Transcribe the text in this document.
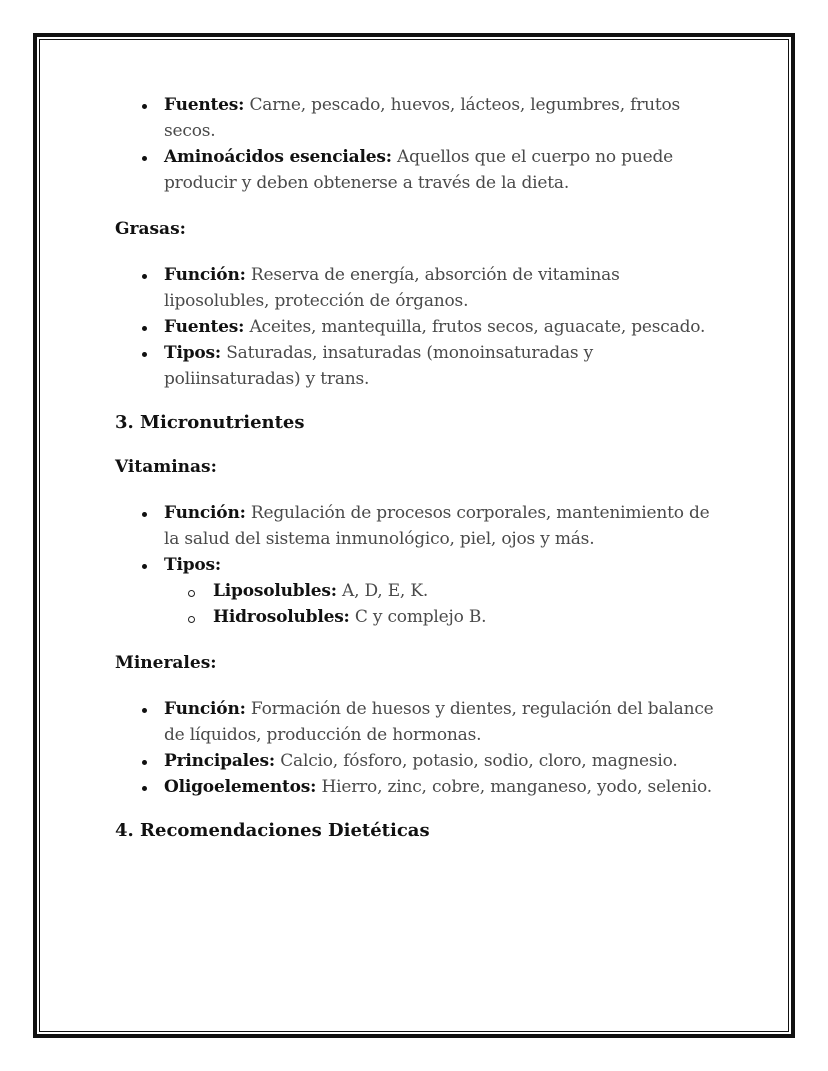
Fuentes: Carne, pescado, huevos, lácteos, legumbres, frutos secos.
Aminoácidos esenciales: Aquellos que el cuerpo no puede producir y deben obtenerse a través de la dieta.
Grasas:
Función: Reserva de energía, absorción de vitaminas liposolubles, protección de órganos.
Fuentes: Aceites, mantequilla, frutos secos, aguacate, pescado.
Tipos: Saturadas, insaturadas (monoinsaturadas y poliinsaturadas) y trans.
3. Micronutrientes
Vitaminas:
Función: Regulación de procesos corporales, mantenimiento de la salud del sistema inmunológico, piel, ojos y más.
Tipos:
Liposolubles: A, D, E, K.
Hidrosolubles: C y complejo B.
Minerales:
Función: Formación de huesos y dientes, regulación del balance de líquidos, producción de hormonas.
Principales: Calcio, fósforo, potasio, sodio, cloro, magnesio.
Oligoelementos: Hierro, zinc, cobre, manganeso, yodo, selenio.
4. Recomendaciones Dietéticas
